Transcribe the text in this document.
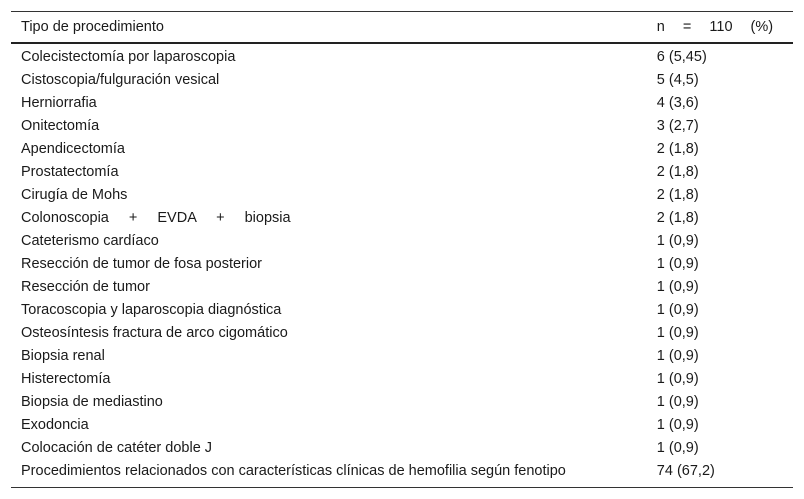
Tipo de procedimiento	n = 110 (%)
Colecistectomía por laparoscopia	6 (5,45)
Cistoscopia/fulguración vesical	5 (4,5)
Herniorrafia	4 (3,6)
Onitectomía	3 (2,7)
Apendicectomía	2 (1,8)
Prostatectomía	2 (1,8)
Cirugía de Mohs	2 (1,8)
Colonoscopia + EVDA + biopsia	2 (1,8)
Cateterismo cardíaco	1 (0,9)
Resección de tumor de fosa posterior	1 (0,9)
Resección de tumor	1 (0,9)
Toracoscopia y laparoscopia diagnóstica	1 (0,9)
Osteosíntesis fractura de arco cigomático	1 (0,9)
Biopsia renal	1 (0,9)
Histerectomía	1 (0,9)
Biopsia de mediastino	1 (0,9)
Exodoncia	1 (0,9)
Colocación de catéter doble J	1 (0,9)
Procedimientos relacionados con características clínicas de hemofilia según fenotipo	74 (67,2)
